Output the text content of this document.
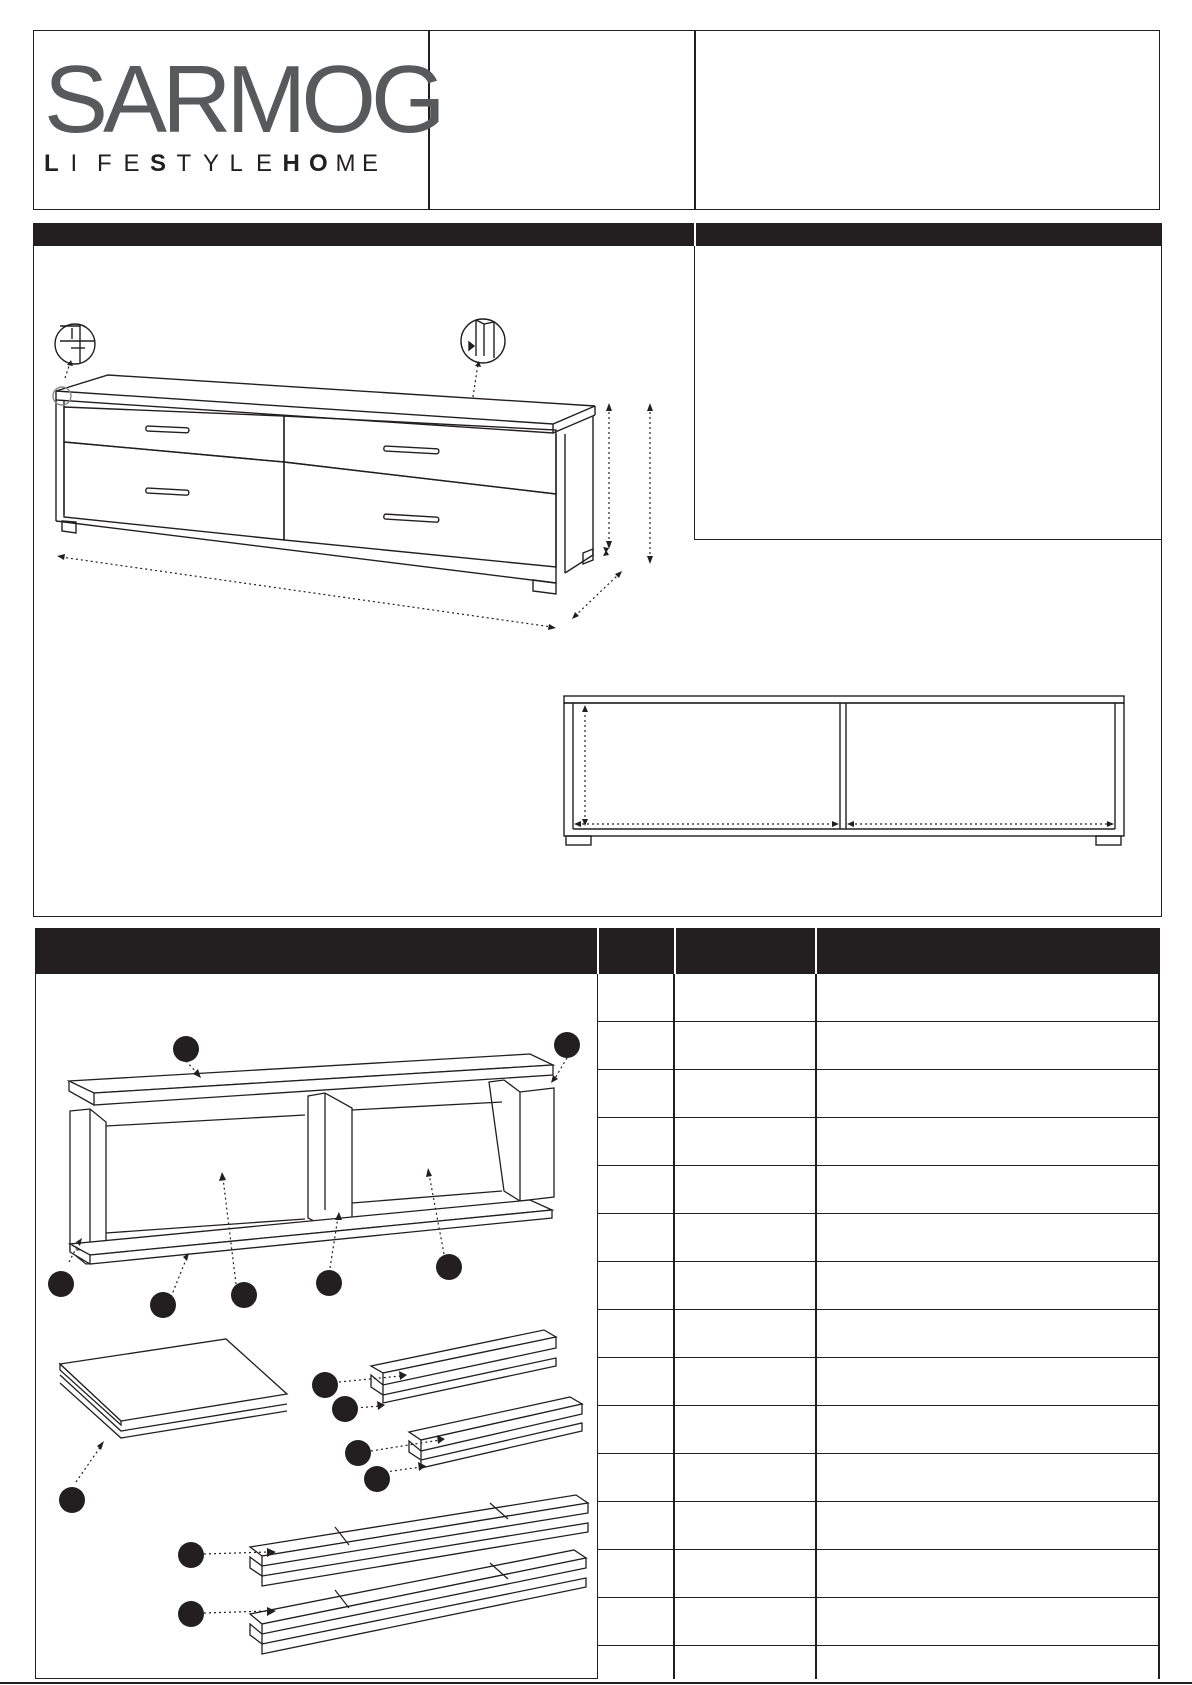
SARMOG
L I F E S T Y L E H O M E
